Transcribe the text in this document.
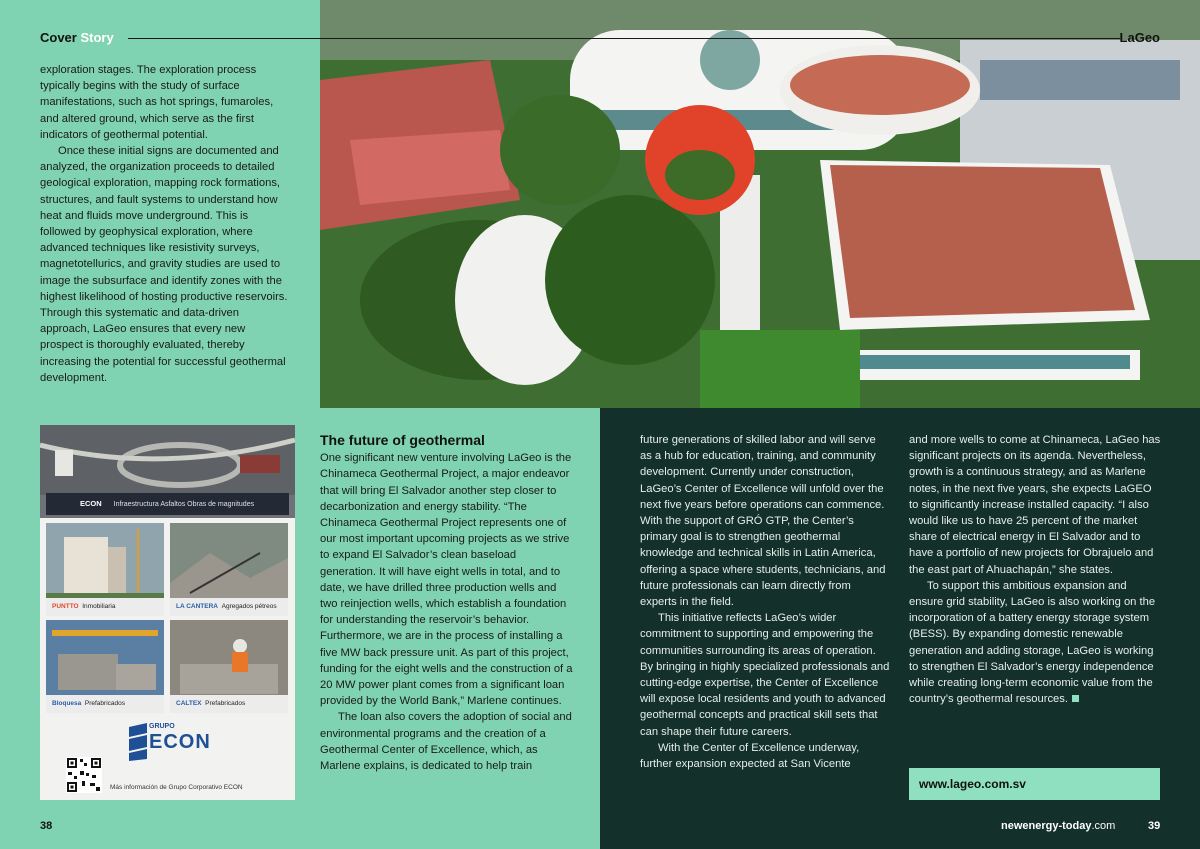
Cover Story	LaGeo

exploration stages. The exploration process typically begins with the study of surface manifestations, such as hot springs, fumaroles, and altered ground, which serve as the first indicators of geothermal potential.

Once these initial signs are documented and analyzed, the organization proceeds to detailed geological exploration, mapping rock formations, structures, and fault systems to understand how heat and fluids move underground. This is followed by geophysical exploration, where advanced techniques like resistivity surveys, magnetotellurics, and gravity studies are used to image the subsurface and identify zones with the highest likelihood of hosting productive reservoirs. Through this systematic and data-driven approach, LaGeo ensures that every new prospect is thoroughly evaluated, thereby increasing the potential for successful geothermal development.

ECON Infraestructura Asfaltos Obras de magnitudes
PUNTTO Inmobiliaria	LA CANTERA Agregados pétreos
Bloquesa Prefabricados	CALTEX Prefabricados
GRUPO
ECON
Más información de Grupo Corporativo ECON
The future of geothermal

One significant new venture involving LaGeo is the Chinameca Geothermal Project, a major endeavor that will bring El Salvador another step closer to decarbonization and energy stability. “The Chinameca Geothermal Project represents one of our most important upcoming projects as we strive to expand El Salvador’s clean baseload generation. It will have eight wells in total, and to date, we have drilled three production wells and two reinjection wells, which establish a foundation for understanding the reservoir’s behavior. Furthermore, we are in the process of installing a five MW back pressure unit. As part of this project, funding for the eight wells and the construction of a 20 MW power plant comes from a significant loan provided by the World Bank,” Marlene continues.

The loan also covers the adoption of social and environmental programs and the creation of a Geothermal Center of Excellence, which, as Marlene explains, is dedicated to help train

future generations of skilled labor and will serve as a hub for education, training, and community development. Currently under construction, LaGeo’s Center of Excellence will unfold over the next five years before operations can commence. With the support of GRÓ GTP, the Center’s primary goal is to strengthen geothermal knowledge and technical skills in Latin America, offering a space where students, technicians, and future professionals can learn directly from experts in the field.

This initiative reflects LaGeo’s wider commitment to supporting and empowering the communities surrounding its areas of operation. By bringing in highly specialized professionals and cutting-edge expertise, the Center of Excellence will expose local residents and youth to advanced geothermal concepts and practical skill sets that can shape their future careers.

With the Center of Excellence underway, further expansion expected at San Vicente

and more wells to come at Chinameca, LaGeo has significant projects on its agenda. Nevertheless, growth is a continuous strategy, and as Marlene notes, in the next five years, she expects LaGEO to significantly increase installed capacity. “I also would like us to have 25 percent of the market share of electrical energy in El Salvador and to have a portfolio of new projects for Obrajuelo and the east part of Ahuachapán,” she states.

To support this ambitious expansion and ensure grid stability, LaGeo is also working on the incorporation of a battery energy storage system (BESS). By expanding domestic renewable generation and adding storage, LaGeo is working to strengthen El Salvador’s energy independence while creating long-term economic value from the country’s geothermal resources.

www.lageo.com.sv
38	newenergy-today.com	39
